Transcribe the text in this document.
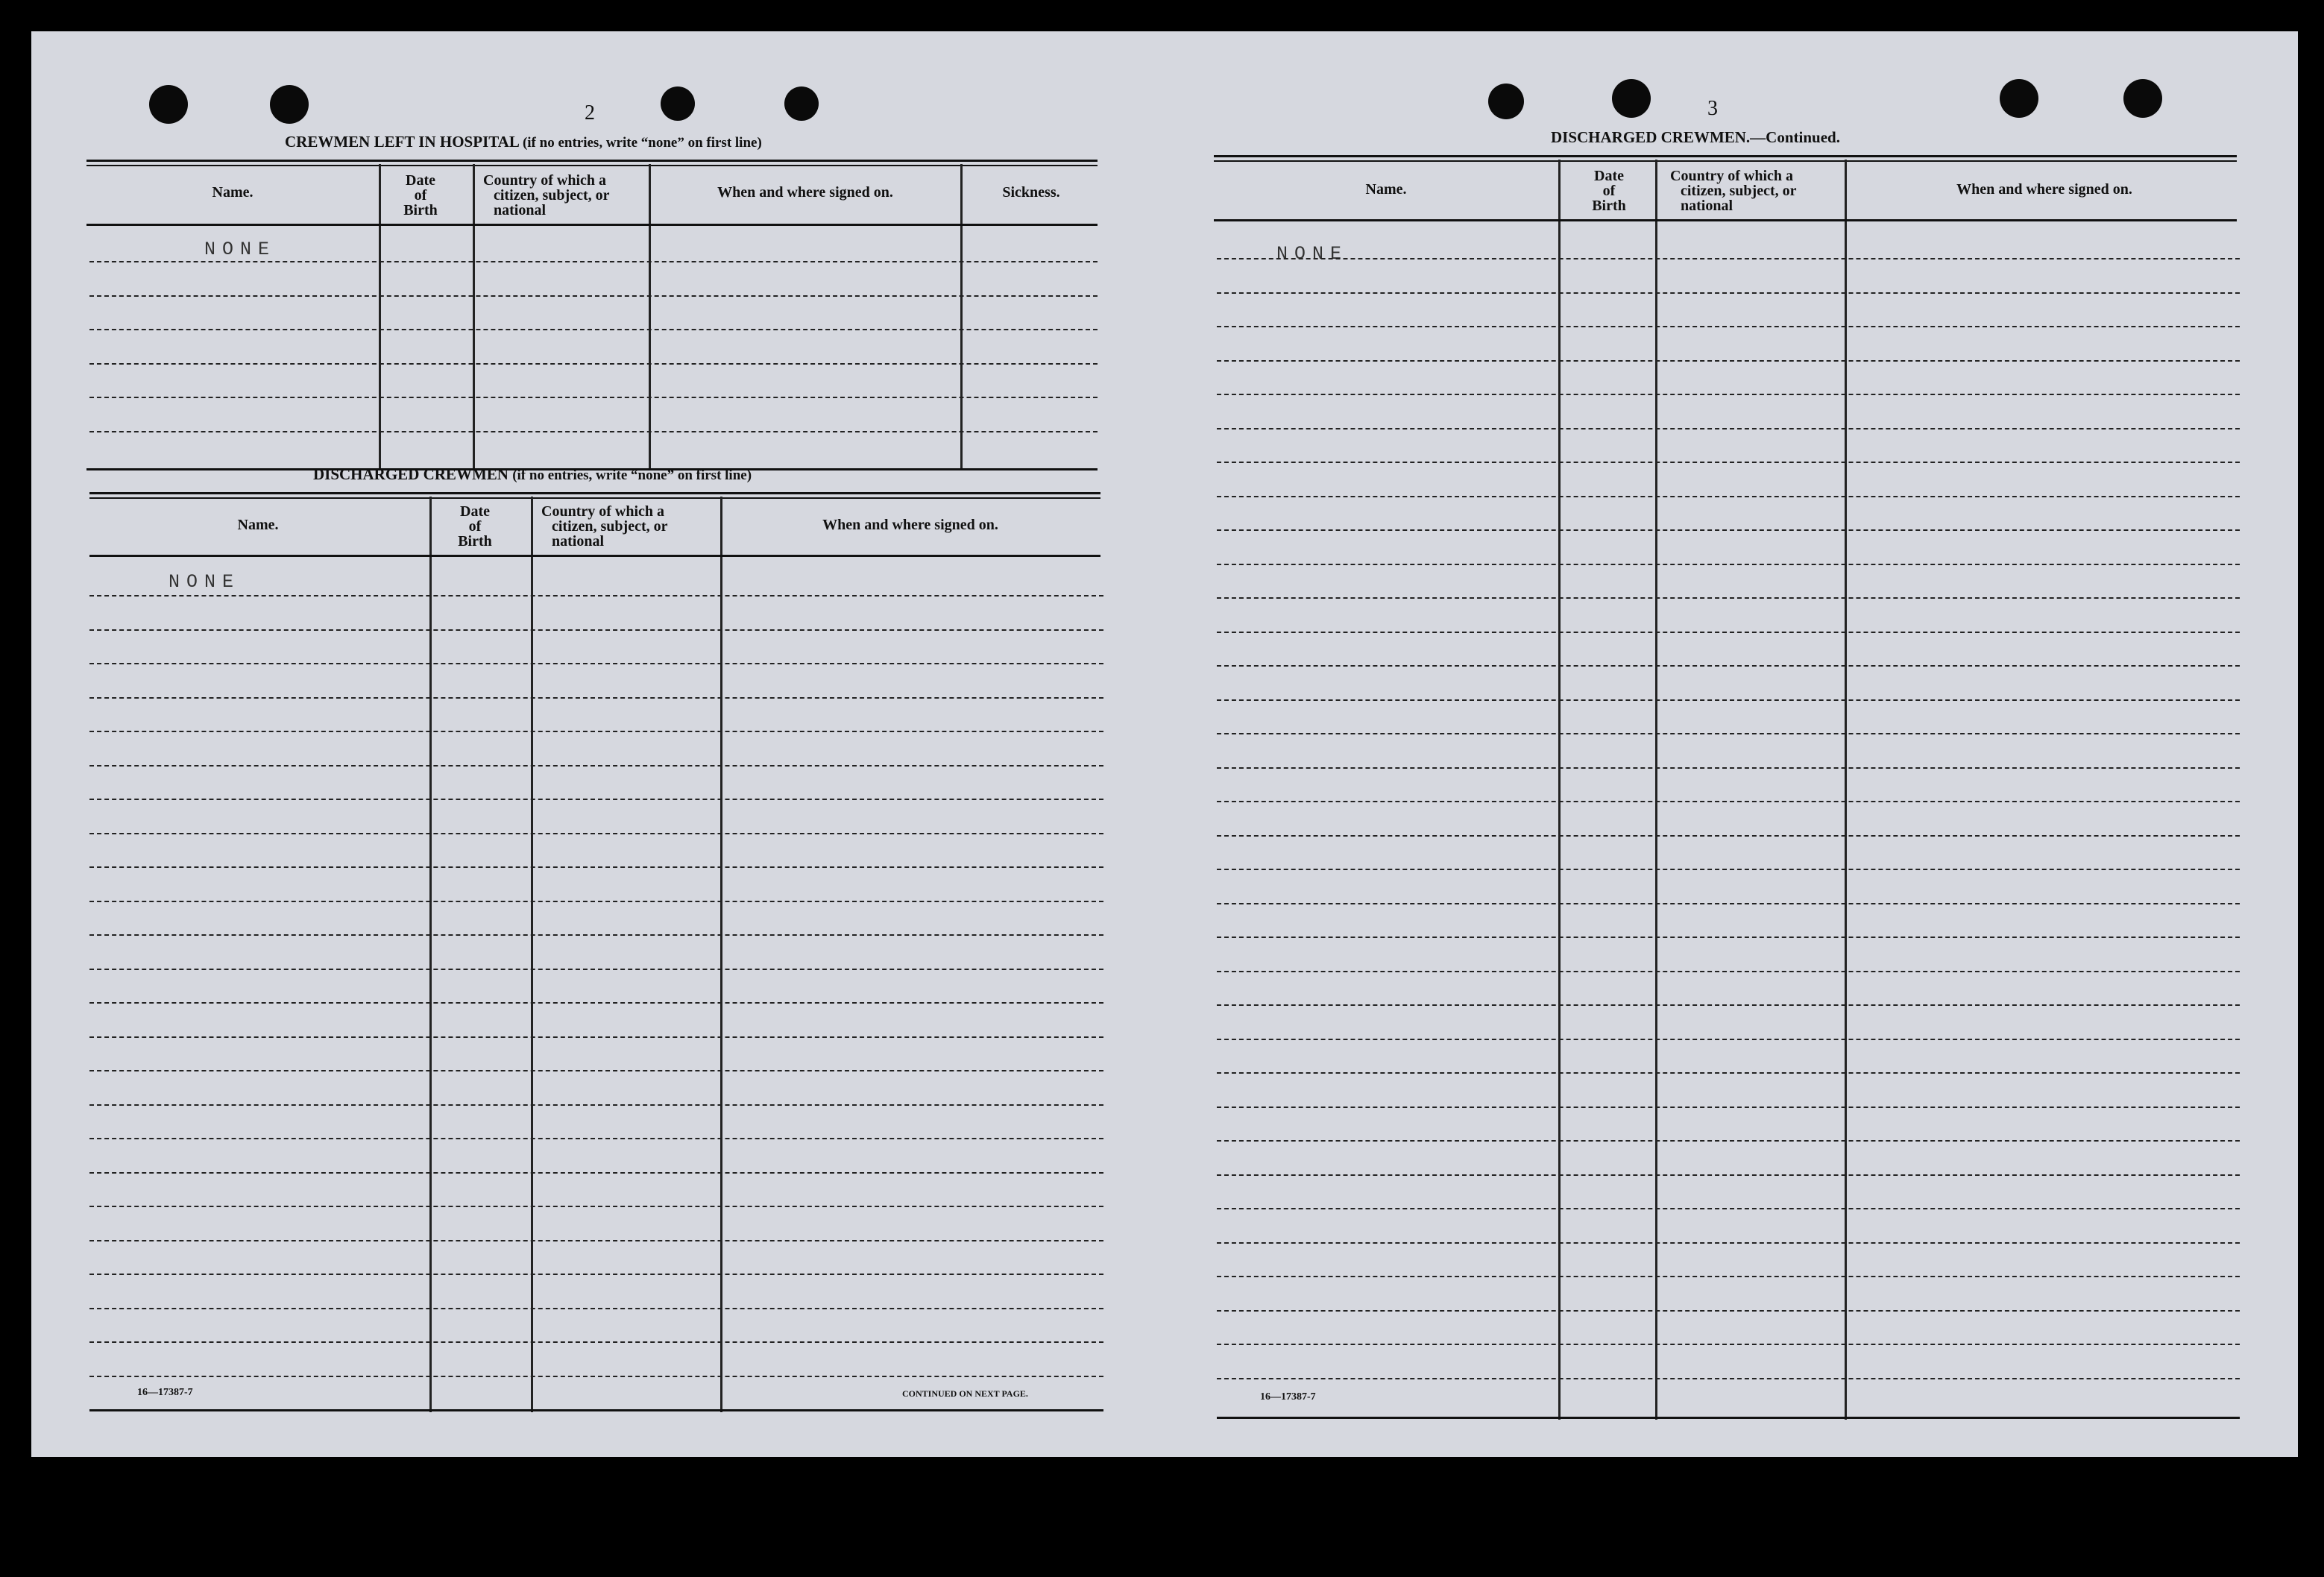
2
CREWMEN LEFT IN HOSPITAL (if no entries, write “none” on first line)
Name.
Date
of
Birth
Country of which a
citizen, subject, or
national
When and where signed on.	Sickness.
NONE
DISCHARGED CREWMEN (if no entries, write “none” on first line)
Name.
Date
of
Birth
Country of which a
citizen, subject, or
national
When and where signed on.
NONE
16—17387-7	CONTINUED ON NEXT PAGE.
3
DISCHARGED CREWMEN.—Continued.
Name.
Date
of
Birth
Country of which a
citizen, subject, or
national
When and where signed on.
NONE
16—17387-7
